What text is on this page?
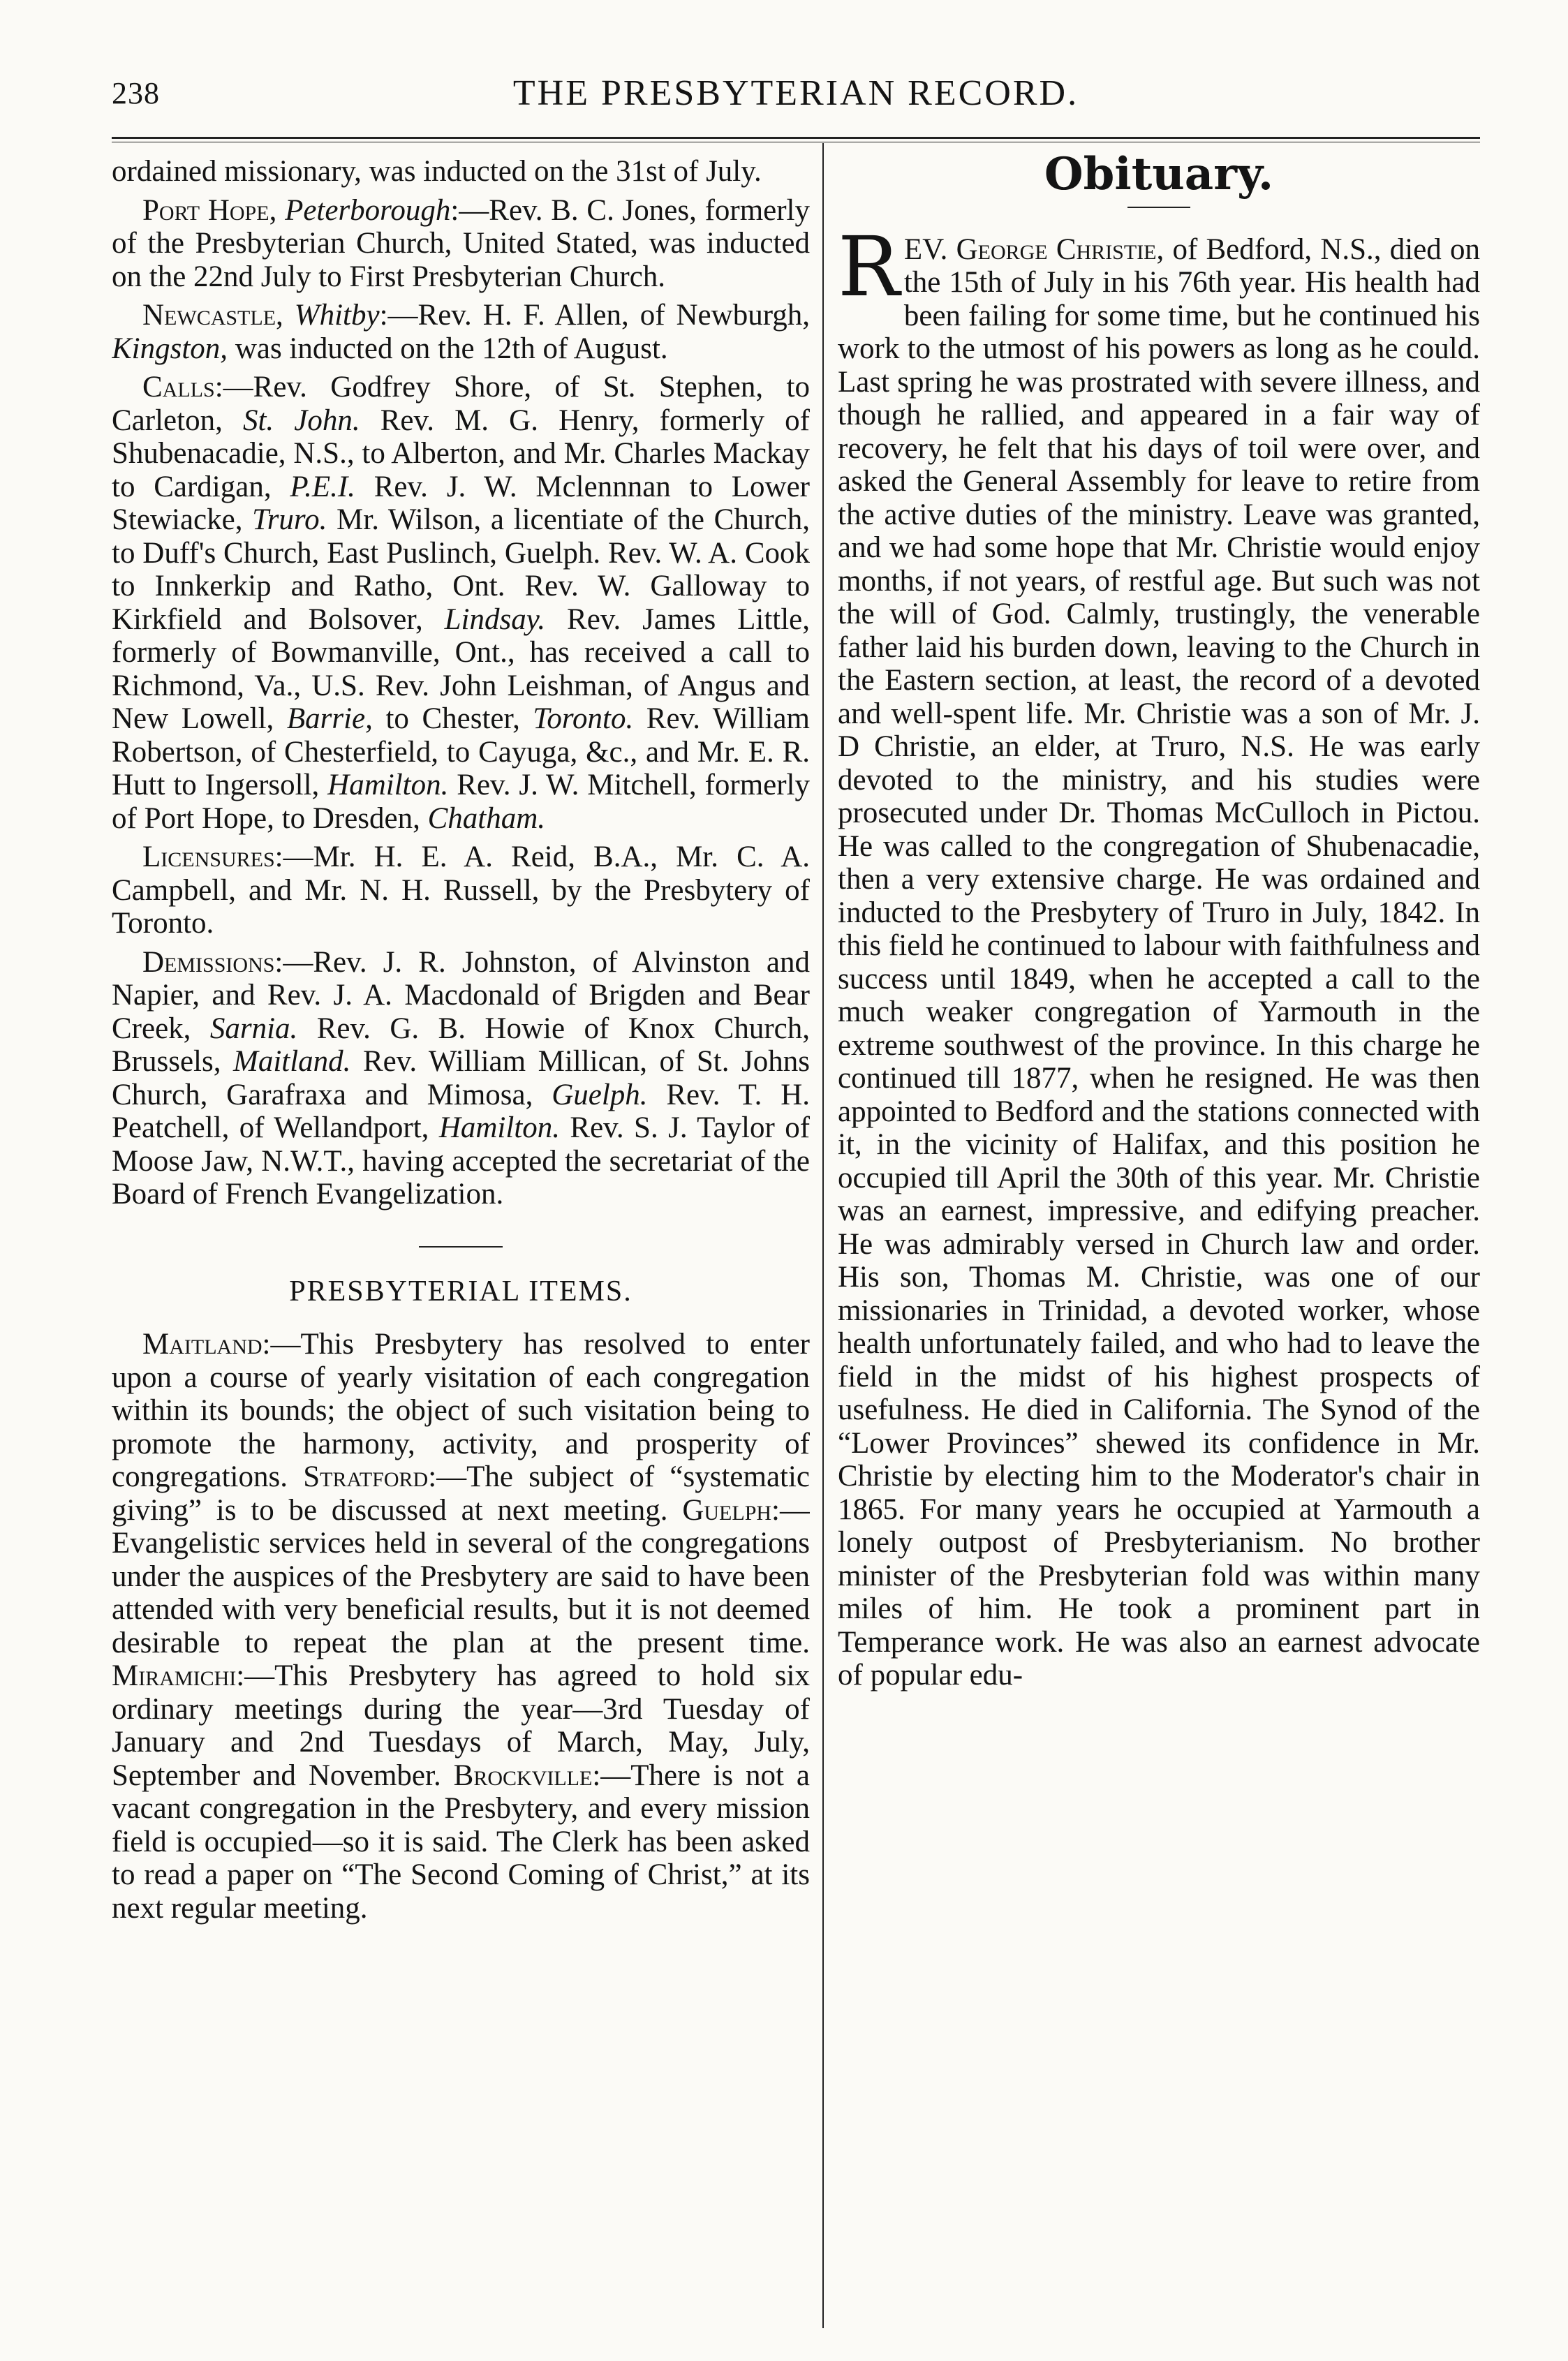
238	THE PRESBYTERIAN RECORD.

ordained missionary, was inducted on the 31st of July.

Port Hope, Peterborough:—Rev. B. C. Jones, formerly of the Presbyterian Church, United Stated, was inducted on the 22nd July to First Presbyterian Church.

Newcastle, Whitby:—Rev. H. F. Allen, of Newburgh, Kingston, was inducted on the 12th of August.

Calls:—Rev. Godfrey Shore, of St. Stephen, to Carleton, St. John. Rev. M. G. Henry, formerly of Shubenacadie, N.S., to Alberton, and Mr. Charles Mackay to Cardigan, P.E.I. Rev. J. W. Mclennnan to Lower Stewiacke, Truro. Mr. Wilson, a licentiate of the Church, to Duff's Church, East Puslinch, Guelph. Rev. W. A. Cook to Innkerkip and Ratho, Ont. Rev. W. Galloway to Kirkfield and Bolsover, Lindsay. Rev. James Little, formerly of Bowmanville, Ont., has received a call to Richmond, Va., U.S. Rev. John Leishman, of Angus and New Lowell, Barrie, to Chester, Toronto. Rev. William Robertson, of Chesterfield, to Cayuga, &c., and Mr. E. R. Hutt to Ingersoll, Hamilton. Rev. J. W. Mitchell, formerly of Port Hope, to Dresden, Chatham.

Licensures:—Mr. H. E. A. Reid, B.A., Mr. C. A. Campbell, and Mr. N. H. Russell, by the Presbytery of Toronto.

Demissions:—Rev. J. R. Johnston, of Alvinston and Napier, and Rev. J. A. Macdonald of Brigden and Bear Creek, Sarnia. Rev. G. B. Howie of Knox Church, Brussels, Maitland. Rev. William Millican, of St. Johns Church, Garafraxa and Mimosa, Guelph. Rev. T. H. Peatchell, of Wellandport, Hamilton. Rev. S. J. Taylor of Moose Jaw, N.W.T., having accepted the secretariat of the Board of French Evangelization.

PRESBYTERIAL ITEMS.

Maitland:—This Presbytery has resolved to enter upon a course of yearly visitation of each congregation within its bounds; the object of such visitation being to promote the harmony, activity, and prosperity of congregations. Stratford:—The subject of “systematic giving” is to be discussed at next meeting. Guelph:—Evangelistic services held in several of the congregations under the auspices of the Presbytery are said to have been attended with very beneficial results, but it is not deemed desirable to repeat the plan at the present time. Miramichi:—This Presbytery has agreed to hold six ordinary meetings during the year—3rd Tuesday of January and 2nd Tuesdays of March, May, July, September and November. Brockville:—There is not a vacant congregation in the Presbytery, and every mission field is occupied—so it is said. The Clerk has been asked to read a paper on “The Second Coming of Christ,” at its next regular meeting.

Obituary.

REV. George Christie, of Bedford, N.S., died on the 15th of July in his 76th year. His health had been failing for some time, but he continued his work to the utmost of his powers as long as he could. Last spring he was prostrated with severe illness, and though he rallied, and appeared in a fair way of recovery, he felt that his days of toil were over, and asked the General Assembly for leave to retire from the active duties of the ministry. Leave was granted, and we had some hope that Mr. Christie would enjoy months, if not years, of restful age. But such was not the will of God. Calmly, trustingly, the venerable father laid his burden down, leaving to the Church in the Eastern section, at least, the record of a devoted and well-spent life. Mr. Christie was a son of Mr. J. D Christie, an elder, at Truro, N.S. He was early devoted to the ministry, and his studies were prosecuted under Dr. Thomas McCulloch in Pictou. He was called to the congregation of Shubenacadie, then a very extensive charge. He was ordained and inducted to the Presbytery of Truro in July, 1842. In this field he continued to labour with faithfulness and success until 1849, when he accepted a call to the much weaker congregation of Yarmouth in the extreme southwest of the province. In this charge he continued till 1877, when he resigned. He was then appointed to Bedford and the stations connected with it, in the vicinity of Halifax, and this position he occupied till April the 30th of this year. Mr. Christie was an earnest, impressive, and edifying preacher. He was admirably versed in Church law and order. His son, Thomas M. Christie, was one of our missionaries in Trinidad, a devoted worker, whose health unfortunately failed, and who had to leave the field in the midst of his highest prospects of usefulness. He died in California. The Synod of the “Lower Provinces” shewed its confidence in Mr. Christie by electing him to the Moderator's chair in 1865. For many years he occupied at Yarmouth a lonely outpost of Presbyterianism. No brother minister of the Presbyterian fold was within many miles of him. He took a prominent part in Temperance work. He was also an earnest advocate of popular edu-
